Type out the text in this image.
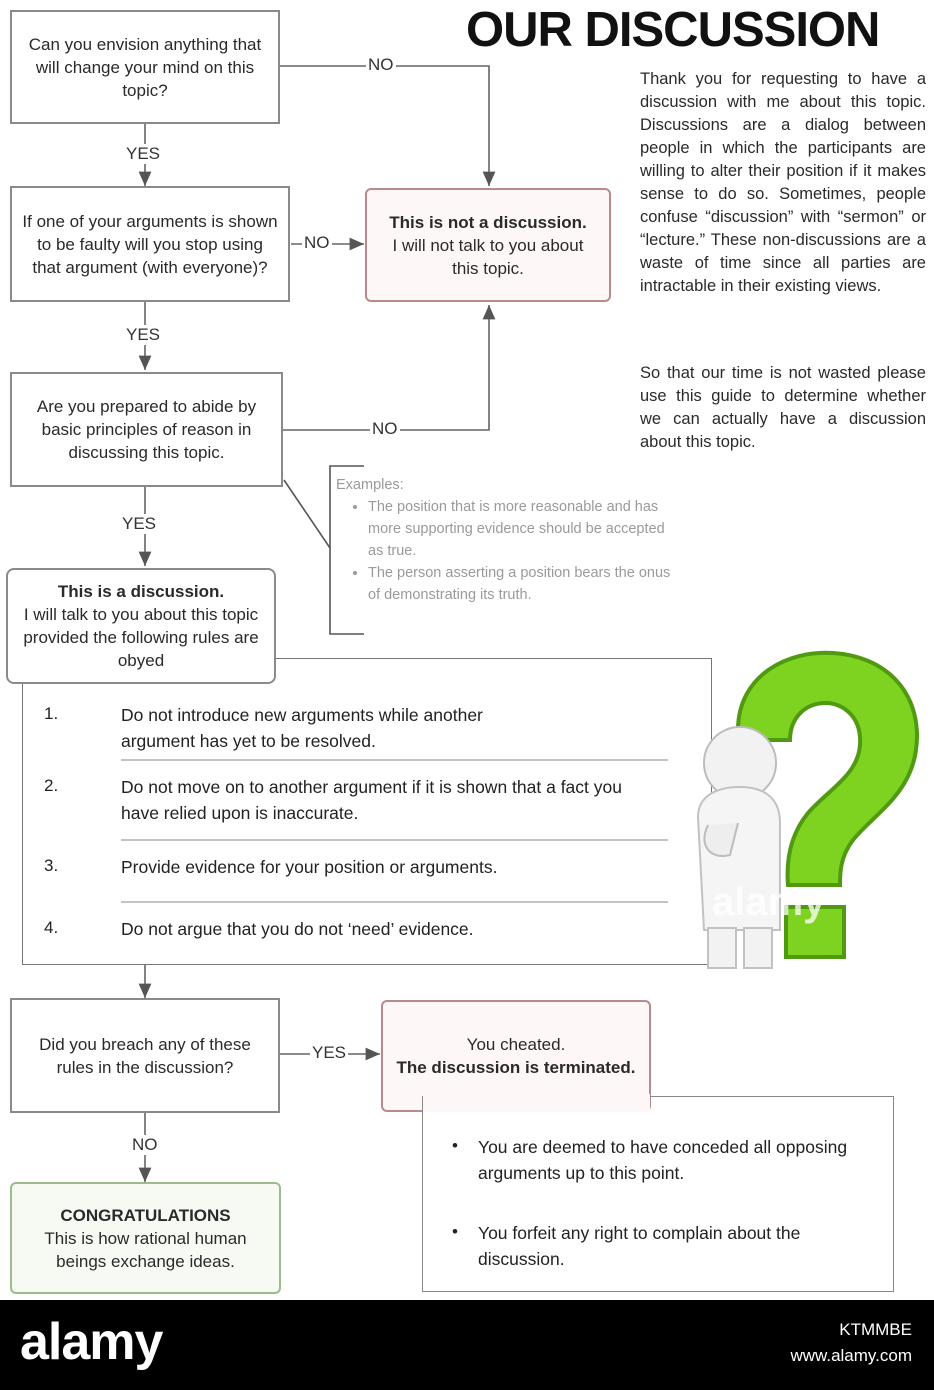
OUR DISCUSSION
Thank you for requesting to have a discussion with me about this topic. Discussions are a dialog between people in which the participants are willing to alter their position if it makes sense to do so. Sometimes, people confuse “discussion” with “sermon” or “lecture.” These non-discussions are a waste of time since all parties are intractable in their existing views.
So that our time is not wasted please use this guide to determine whether we can actually have a discussion about this topic.
Can you envision anything that will change your mind on this topic?
If one of your arguments is shown to be faulty will you stop using that argument (with everyone)?
Are you prepared to abide by basic principles of reason in discussing this topic.
Did you breach any of these rules in the discussion?
NO
YES
NO
YES
NO
YES
YES
NO
This is not a discussion.
I will not talk to you about this topic.
Examples:
• The position that is more reasonable and has more supporting evidence should be accepted as true.
• The person asserting a position bears the onus of demonstrating its truth.
This is a discussion.
I will talk to you about this topic provided the following rules are obyed
1.	Do not introduce new arguments while another argument has yet to be resolved.
2.	Do not move on to another argument if it is shown that a fact you have relied upon is inaccurate.
3.	Provide evidence for your position or arguments.
4.	Do not argue that you do not ‘need’ evidence.
alamy
You cheated.
The discussion is terminated.
• You are deemed to have conceded all opposing arguments up to this point.
• You forfeit any right to complain about the discussion.
CONGRATULATIONS
This is how rational human beings exchange ideas.
alamy	KTMMBE
www.alamy.com
